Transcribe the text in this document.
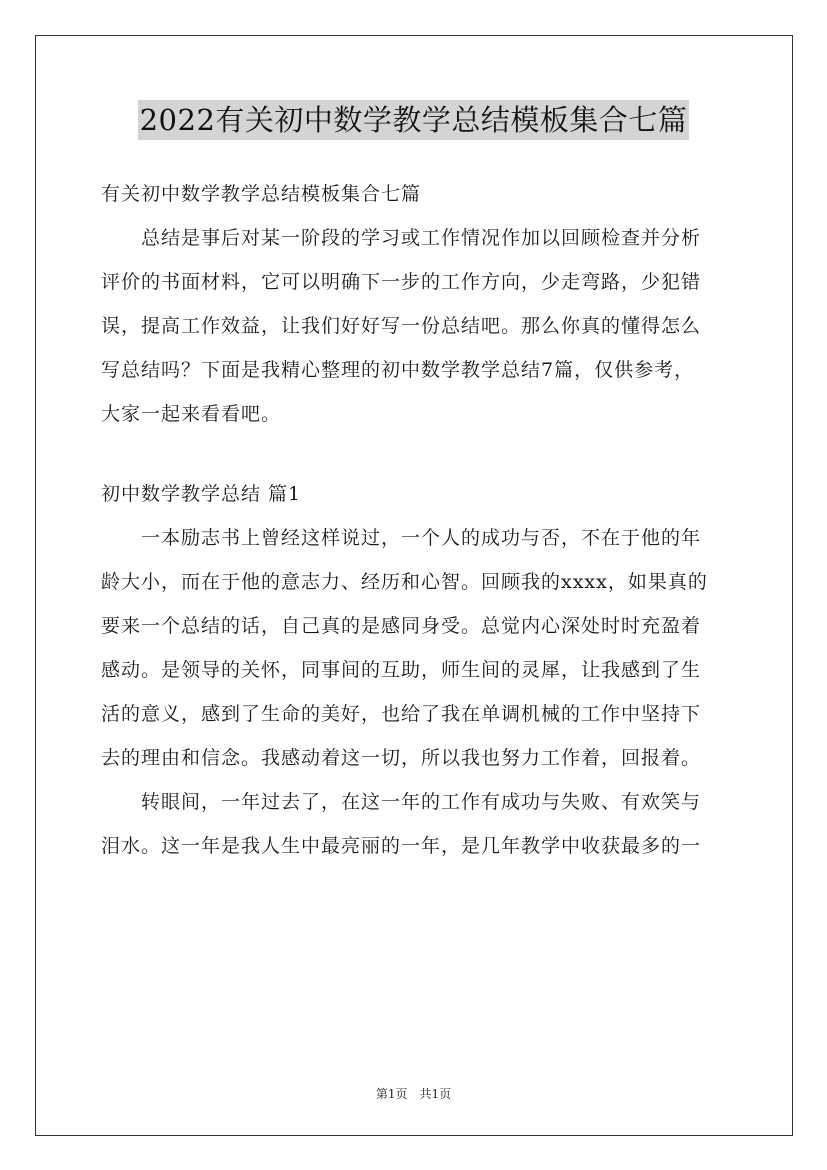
2022有关初中数学教学总结模板集合七篇
有关初中数学教学总结模板集合七篇
　　总结是事后对某一阶段的学习或工作情况作加以回顾检查并分析
评价的书面材料，它可以明确下一步的工作方向，少走弯路，少犯错
误，提高工作效益，让我们好好写一份总结吧。那么你真的懂得怎么
写总结吗？下面是我精心整理的初中数学教学总结7篇，仅供参考，
大家一起来看看吧。
初中数学教学总结 篇1
　　一本励志书上曾经这样说过，一个人的成功与否，不在于他的年
龄大小，而在于他的意志力、经历和心智。回顾我的xxxx，如果真的
要来一个总结的话，自己真的是感同身受。总觉内心深处时时充盈着
感动。是领导的关怀，同事间的互助，师生间的灵犀，让我感到了生
活的意义，感到了生命的美好，也给了我在单调机械的工作中坚持下
去的理由和信念。我感动着这一切，所以我也努力工作着，回报着。
　　转眼间，一年过去了，在这一年的工作有成功与失败、有欢笑与
泪水。这一年是我人生中最亮丽的一年，是几年教学中收获最多的一
第1页　共1页
